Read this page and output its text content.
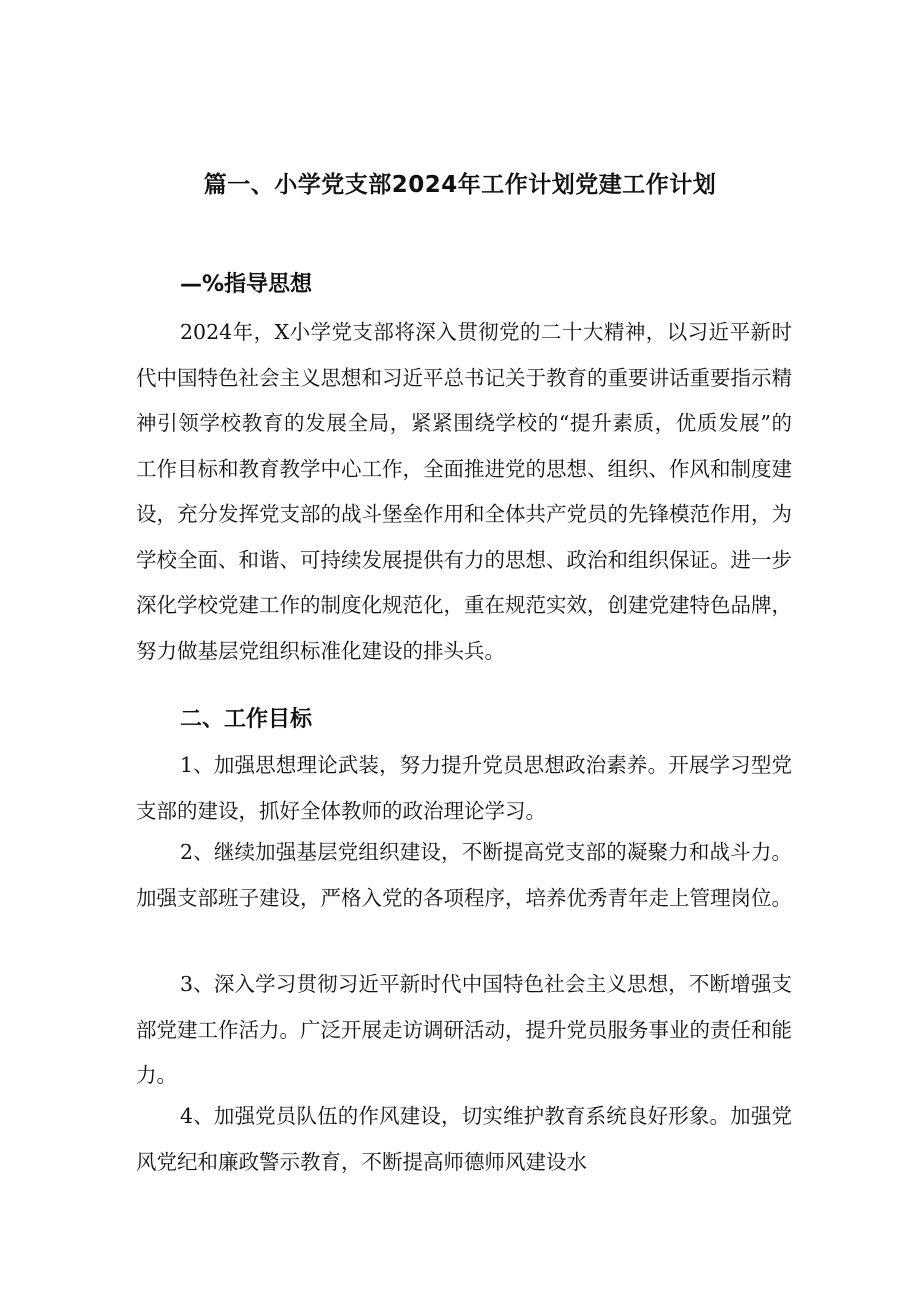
篇一、小学党支部2024年工作计划党建工作计划
—%指导思想

2024年，X小学党支部将深入贯彻党的二十大精神，以习近平新时代中国特色社会主义思想和习近平总书记关于教育的重要讲话重要指示精神引领学校教育的发展全局，紧紧围绕学校的“提升素质，优质发展”的工作目标和教育教学中心工作，全面推进党的思想、组织、作风和制度建设，充分发挥党支部的战斗堡垒作用和全体共产党员的先锋模范作用，为学校全面、和谐、可持续发展提供有力的思想、政治和组织保证。进一步深化学校党建工作的制度化规范化，重在规范实效，创建党建特色品牌，努力做基层党组织标准化建设的排头兵。

二、工作目标

1、加强思想理论武装，努力提升党员思想政治素养。开展学习型党支部的建设，抓好全体教师的政治理论学习。

2、继续加强基层党组织建设，不断提高党支部的凝聚力和战斗力。加强支部班子建设，严格入党的各项程序，培养优秀青年走上管理岗位。

3、深入学习贯彻习近平新时代中国特色社会主义思想，不断增强支部党建工作活力。广泛开展走访调研活动，提升党员服务事业的责任和能力。

4、加强党员队伍的作风建设，切实维护教育系统良好形象。加强党风党纪和廉政警示教育，不断提高师德师风建设水
